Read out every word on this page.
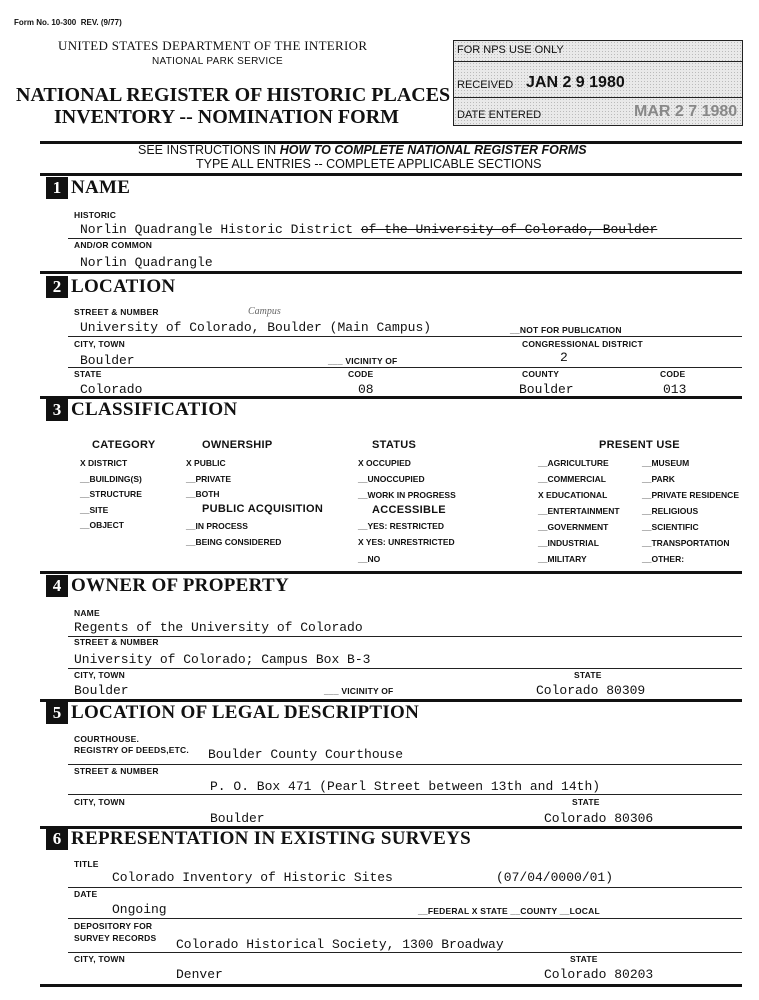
Form No. 10-300 REV. (9/77)
UNITED STATES DEPARTMENT OF THE INTERIOR
NATIONAL PARK SERVICE
NATIONAL REGISTER OF HISTORIC PLACES
INVENTORY -- NOMINATION FORM
FOR NPS USE ONLY
RECEIVED JAN 2 9 1980
DATE ENTERED	MAR 2 7 1980
SEE INSTRUCTIONS IN HOW TO COMPLETE NATIONAL REGISTER FORMS
TYPE ALL ENTRIES -- COMPLETE APPLICABLE SECTIONS
1 NAME
HISTORIC
Norlin Quadrangle Historic District of the University of Colorado, Boulder
AND/OR COMMON
Norlin Quadrangle
2 LOCATION
STREET & NUMBER	Campus
University of Colorado, Boulder (Main Campus)	__NOT FOR PUBLICATION
CITY, TOWN	CONGRESSIONAL DISTRICT
Boulder	___ VICINITY OF	2
STATE	CODE	COUNTY	CODE
Colorado	08	Boulder	013
3 CLASSIFICATION
CATEGORY	OWNERSHIP	STATUS	PRESENT USE
X DISTRICT
__BUILDING(S)
__STRUCTURE
__SITE
__OBJECT
X PUBLIC
__PRIVATE
__BOTH
PUBLIC ACQUISITION
__IN PROCESS
__BEING CONSIDERED
X OCCUPIED
__UNOCCUPIED
__WORK IN PROGRESS
ACCESSIBLE
__YES: RESTRICTED
X YES: UNRESTRICTED
__NO
__AGRICULTURE
__COMMERCIAL
X EDUCATIONAL
__ENTERTAINMENT
__GOVERNMENT
__INDUSTRIAL
__MILITARY
__MUSEUM
__PARK
__PRIVATE RESIDENCE
__RELIGIOUS
__SCIENTIFIC
__TRANSPORTATION
__OTHER:
4 OWNER OF PROPERTY
NAME
Regents of the University of Colorado
STREET & NUMBER
University of Colorado; Campus Box B-3
CITY, TOWN	STATE
Boulder	___ VICINITY OF	Colorado 80309
5 LOCATION OF LEGAL DESCRIPTION
COURTHOUSE.
REGISTRY OF DEEDS,ETC. Boulder County Courthouse
STREET & NUMBER
P. O. Box 471 (Pearl Street between 13th and 14th)
CITY, TOWN	STATE
Boulder	Colorado 80306
6 REPRESENTATION IN EXISTING SURVEYS
TITLE
Colorado Inventory of Historic Sites	(07/04/0000/01)
DATE
Ongoing	__FEDERAL X STATE __COUNTY __LOCAL
DEPOSITORY FOR
SURVEY RECORDS Colorado Historical Society, 1300 Broadway
CITY, TOWN	STATE
Denver	Colorado 80203
